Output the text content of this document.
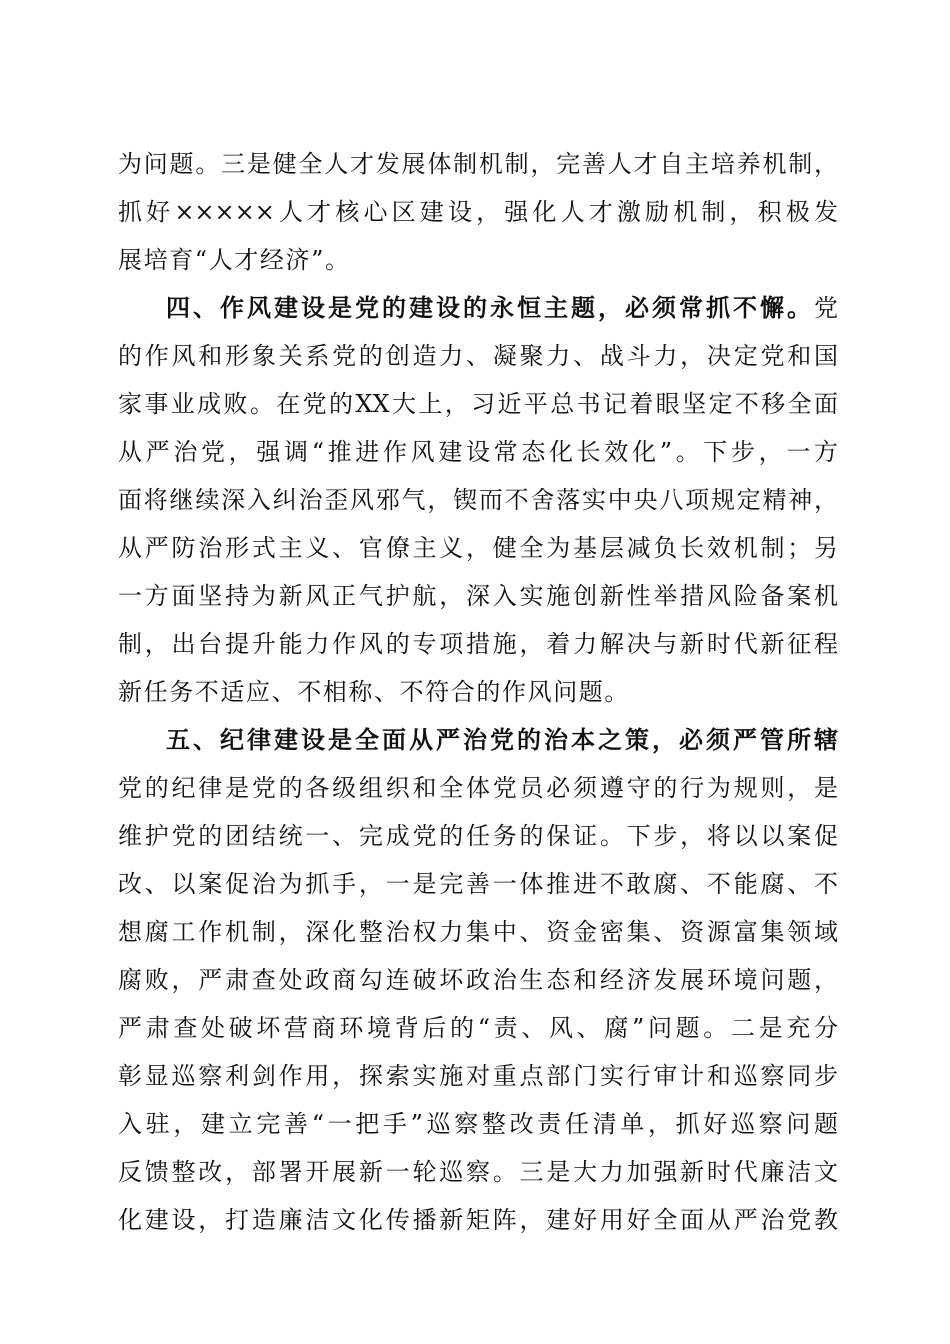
为问题。三是健全人才发展体制机制，完善人才自主培养机制，
抓好×××××人才核心区建设，强化人才激励机制，积极发
展培育“人才经济”。
四、作风建设是党的建设的永恒主题，必须常抓不懈。党
的作风和形象关系党的创造力、凝聚力、战斗力，决定党和国
家事业成败。在党的XX大上，习近平总书记着眼坚定不移全面
从严治党，强调“推进作风建设常态化长效化”。下步，一方
面将继续深入纠治歪风邪气，锲而不舍落实中央八项规定精神，
从严防治形式主义、官僚主义，健全为基层减负长效机制；另
一方面坚持为新风正气护航，深入实施创新性举措风险备案机
制，出台提升能力作风的专项措施，着力解决与新时代新征程
新任务不适应、不相称、不符合的作风问题。
五、纪律建设是全面从严治党的治本之策，必须严管所辖
党的纪律是党的各级组织和全体党员必须遵守的行为规则，是
维护党的团结统一、完成党的任务的保证。下步，将以以案促
改、以案促治为抓手，一是完善一体推进不敢腐、不能腐、不
想腐工作机制，深化整治权力集中、资金密集、资源富集领域
腐败，严肃查处政商勾连破坏政治生态和经济发展环境问题，
严肃查处破坏营商环境背后的“责、风、腐”问题。二是充分
彰显巡察利剑作用，探索实施对重点部门实行审计和巡察同步
入驻，建立完善“一把手”巡察整改责任清单，抓好巡察问题
反馈整改，部署开展新一轮巡察。三是大力加强新时代廉洁文
化建设，打造廉洁文化传播新矩阵，建好用好全面从严治党教
